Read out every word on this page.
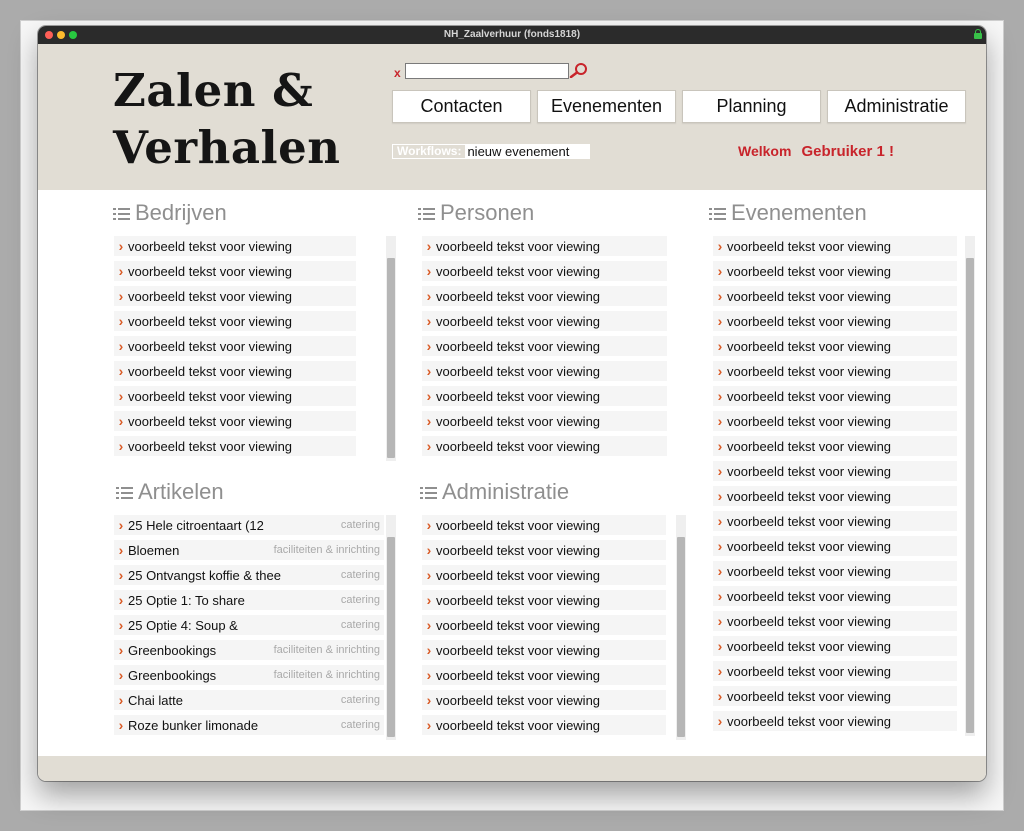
NH_Zaalverhuur (fonds1818)
Zalen &
Verhalen
x
Contacten	Evenementen	Planning	Administratie
Workflows: nieuw evenement	Welkom Gebruiker 1 !
Bedrijven	Personen	Evenementen
Artikelen	Administratie
› voorbeeld tekst voor viewing
› voorbeeld tekst voor viewing
› voorbeeld tekst voor viewing
› voorbeeld tekst voor viewing
› voorbeeld tekst voor viewing
› voorbeeld tekst voor viewing
› voorbeeld tekst voor viewing
› voorbeeld tekst voor viewing
› voorbeeld tekst voor viewing
› voorbeeld tekst voor viewing
› voorbeeld tekst voor viewing
› voorbeeld tekst voor viewing
› voorbeeld tekst voor viewing
› voorbeeld tekst voor viewing
› voorbeeld tekst voor viewing
› voorbeeld tekst voor viewing
› voorbeeld tekst voor viewing
› voorbeeld tekst voor viewing
› voorbeeld tekst voor viewing
› voorbeeld tekst voor viewing
› voorbeeld tekst voor viewing
› voorbeeld tekst voor viewing
› voorbeeld tekst voor viewing
› voorbeeld tekst voor viewing
› voorbeeld tekst voor viewing
› voorbeeld tekst voor viewing
› voorbeeld tekst voor viewing
› voorbeeld tekst voor viewing
› voorbeeld tekst voor viewing
› voorbeeld tekst voor viewing
› voorbeeld tekst voor viewing
› voorbeeld tekst voor viewing
› voorbeeld tekst voor viewing
› voorbeeld tekst voor viewing
› voorbeeld tekst voor viewing
› voorbeeld tekst voor viewing
› voorbeeld tekst voor viewing
› voorbeeld tekst voor viewing
› 25 Hele citroentaart (12	catering
› Bloemen	faciliteiten & inrichting
› 25 Ontvangst koffie & thee	catering
› 25 Optie 1: To share	catering
› 25 Optie 4: Soup &	catering
› Greenbookings	faciliteiten & inrichting
› Greenbookings	faciliteiten & inrichting
› Chai latte	catering
› Roze bunker limonade	catering
› voorbeeld tekst voor viewing
› voorbeeld tekst voor viewing
› voorbeeld tekst voor viewing
› voorbeeld tekst voor viewing
› voorbeeld tekst voor viewing
› voorbeeld tekst voor viewing
› voorbeeld tekst voor viewing
› voorbeeld tekst voor viewing
› voorbeeld tekst voor viewing
